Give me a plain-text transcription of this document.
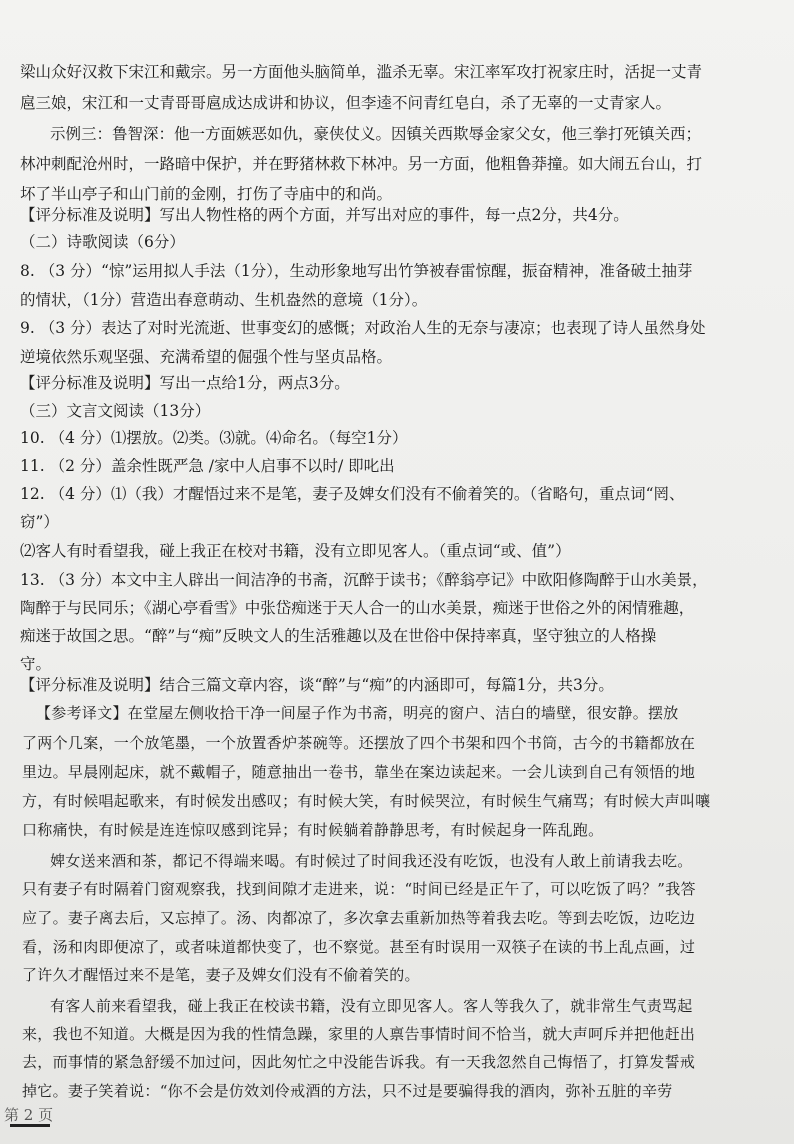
梁山众好汉救下宋江和戴宗。另一方面他头脑简单，滥杀无辜。宋江率军攻打祝家庄时，活捉一丈青
扈三娘，宋江和一丈青哥哥扈成达成讲和协议，但李逵不问青红皂白，杀了无辜的一丈青家人。
示例三：鲁智深：他一方面嫉恶如仇，豪侠仗义。因镇关西欺辱金家父女，他三拳打死镇关西；
林冲刺配沧州时，一路暗中保护，并在野猪林救下林冲。另一方面，他粗鲁莽撞。如大闹五台山，打
坏了半山亭子和山门前的金刚，打伤了寺庙中的和尚。
【评分标准及说明】写出人物性格的两个方面，并写出对应的事件，每一点2分，共4分。
（二）诗歌阅读（6分）
8. （3 分）“惊”运用拟人手法（1分），生动形象地写出竹笋被春雷惊醒，振奋精神，准备破土抽芽
的情状，（1分）营造出春意萌动、生机盎然的意境（1分）。
9. （3 分）表达了对时光流逝、世事变幻的感慨；对政治人生的无奈与凄凉；也表现了诗人虽然身处
逆境依然乐观坚强、充满希望的倔强个性与坚贞品格。
【评分标准及说明】写出一点给1分，两点3分。
（三）文言文阅读（13分）
10. （4 分）⑴摆放。⑵类。⑶就。⑷命名。（每空1分）
11. （2 分）盖余性既严急 /家中人启事不以时/ 即叱出
12. （4 分）⑴（我）才醒悟过来不是笔，妻子及婢女们没有不偷着笑的。（省略句，重点词“罔、
窃”）
⑵客人有时看望我，碰上我正在校对书籍，没有立即见客人。（重点词“或、值”）
13. （3 分）本文中主人辟出一间洁净的书斋，沉醉于读书；《醉翁亭记》中欧阳修陶醉于山水美景，
陶醉于与民同乐；《湖心亭看雪》中张岱痴迷于天人合一的山水美景，痴迷于世俗之外的闲情雅趣，
痴迷于故国之思。“醉”与“痴”反映文人的生活雅趣以及在世俗中保持率真，坚守独立的人格操
守。
【评分标准及说明】结合三篇文章内容，谈“醉”与“痴”的内涵即可，每篇1分，共3分。
【参考译文】在堂屋左侧收拾干净一间屋子作为书斋，明亮的窗户、洁白的墙壁，很安静。摆放
了两个几案，一个放笔墨，一个放置香炉茶碗等。还摆放了四个书架和四个书筒，古今的书籍都放在
里边。早晨刚起床，就不戴帽子，随意抽出一卷书，靠坐在案边读起来。一会儿读到自己有领悟的地
方，有时候唱起歌来，有时候发出感叹；有时候大笑，有时候哭泣，有时候生气痛骂；有时候大声叫嚷
口称痛快，有时候是连连惊叹感到诧异；有时候躺着静静思考，有时候起身一阵乱跑。
婢女送来酒和茶，都记不得端来喝。有时候过了时间我还没有吃饭，也没有人敢上前请我去吃。
只有妻子有时隔着门窗观察我，找到间隙才走进来，说：“时间已经是正午了，可以吃饭了吗？”我答
应了。妻子离去后，又忘掉了。汤、肉都凉了，多次拿去重新加热等着我去吃。等到去吃饭，边吃边
看，汤和肉即便凉了，或者味道都快变了，也不察觉。甚至有时误用一双筷子在读的书上乱点画，过
了许久才醒悟过来不是笔，妻子及婢女们没有不偷着笑的。
有客人前来看望我，碰上我正在校读书籍，没有立即见客人。客人等我久了，就非常生气责骂起
来，我也不知道。大概是因为我的性情急躁，家里的人禀告事情时间不恰当，就大声呵斥并把他赶出
去，而事情的紧急舒缓不加过问，因此匆忙之中没能告诉我。有一天我忽然自己悔悟了，打算发誓戒
掉它。妻子笑着说：“你不会是仿效刘伶戒酒的方法，只不过是要骗得我的酒肉，弥补五脏的辛劳
第 2 页
